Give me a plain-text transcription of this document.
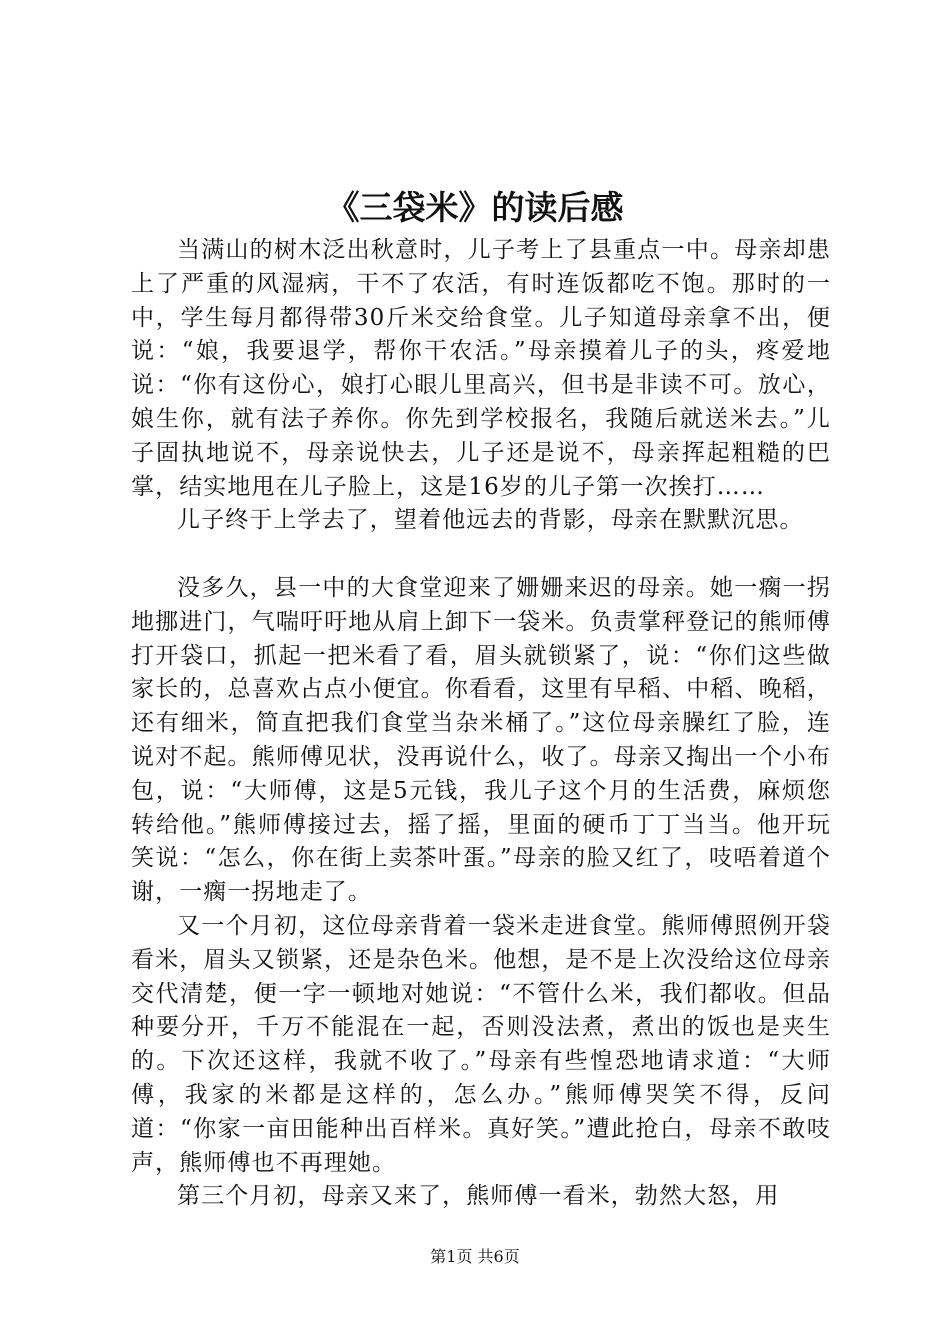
《三袋米》的读后感

当满山的树木泛出秋意时，儿子考上了县重点一中。母亲却患上了严重的风湿病，干不了农活，有时连饭都吃不饱。那时的一中，学生每月都得带30斤米交给食堂。儿子知道母亲拿不出，便说：“娘，我要退学，帮你干农活。”母亲摸着儿子的头，疼爱地说：“你有这份心，娘打心眼儿里高兴，但书是非读不可。放心，娘生你，就有法子养你。你先到学校报名，我随后就送米去。”儿子固执地说不，母亲说快去，儿子还是说不，母亲挥起粗糙的巴掌，结实地甩在儿子脸上，这是16岁的儿子第一次挨打……

儿子终于上学去了，望着他远去的背影，母亲在默默沉思。

没多久，县一中的大食堂迎来了姗姗来迟的母亲。她一瘸一拐地挪进门，气喘吁吁地从肩上卸下一袋米。负责掌秤登记的熊师傅打开袋口，抓起一把米看了看，眉头就锁紧了，说：“你们这些做家长的，总喜欢占点小便宜。你看看，这里有早稻、中稻、晚稻，还有细米，简直把我们食堂当杂米桶了。”这位母亲臊红了脸，连说对不起。熊师傅见状，没再说什么，收了。母亲又掏出一个小布包，说：“大师傅，这是5元钱，我儿子这个月的生活费，麻烦您转给他。”熊师傅接过去，摇了摇，里面的硬币丁丁当当。他开玩笑说：“怎么，你在街上卖茶叶蛋。”母亲的脸又红了，吱唔着道个谢，一瘸一拐地走了。

又一个月初，这位母亲背着一袋米走进食堂。熊师傅照例开袋看米，眉头又锁紧，还是杂色米。他想，是不是上次没给这位母亲交代清楚，便一字一顿地对她说：“不管什么米，我们都收。但品种要分开，千万不能混在一起，否则没法煮，煮出的饭也是夹生的。下次还这样，我就不收了。”母亲有些惶恐地请求道：“大师傅，我家的米都是这样的，怎么办。”熊师傅哭笑不得，反问道：“你家一亩田能种出百样米。真好笑。”遭此抢白，母亲不敢吱声，熊师傅也不再理她。

第三个月初，母亲又来了，熊师傅一看米，勃然大怒，用

第1页 共6页
